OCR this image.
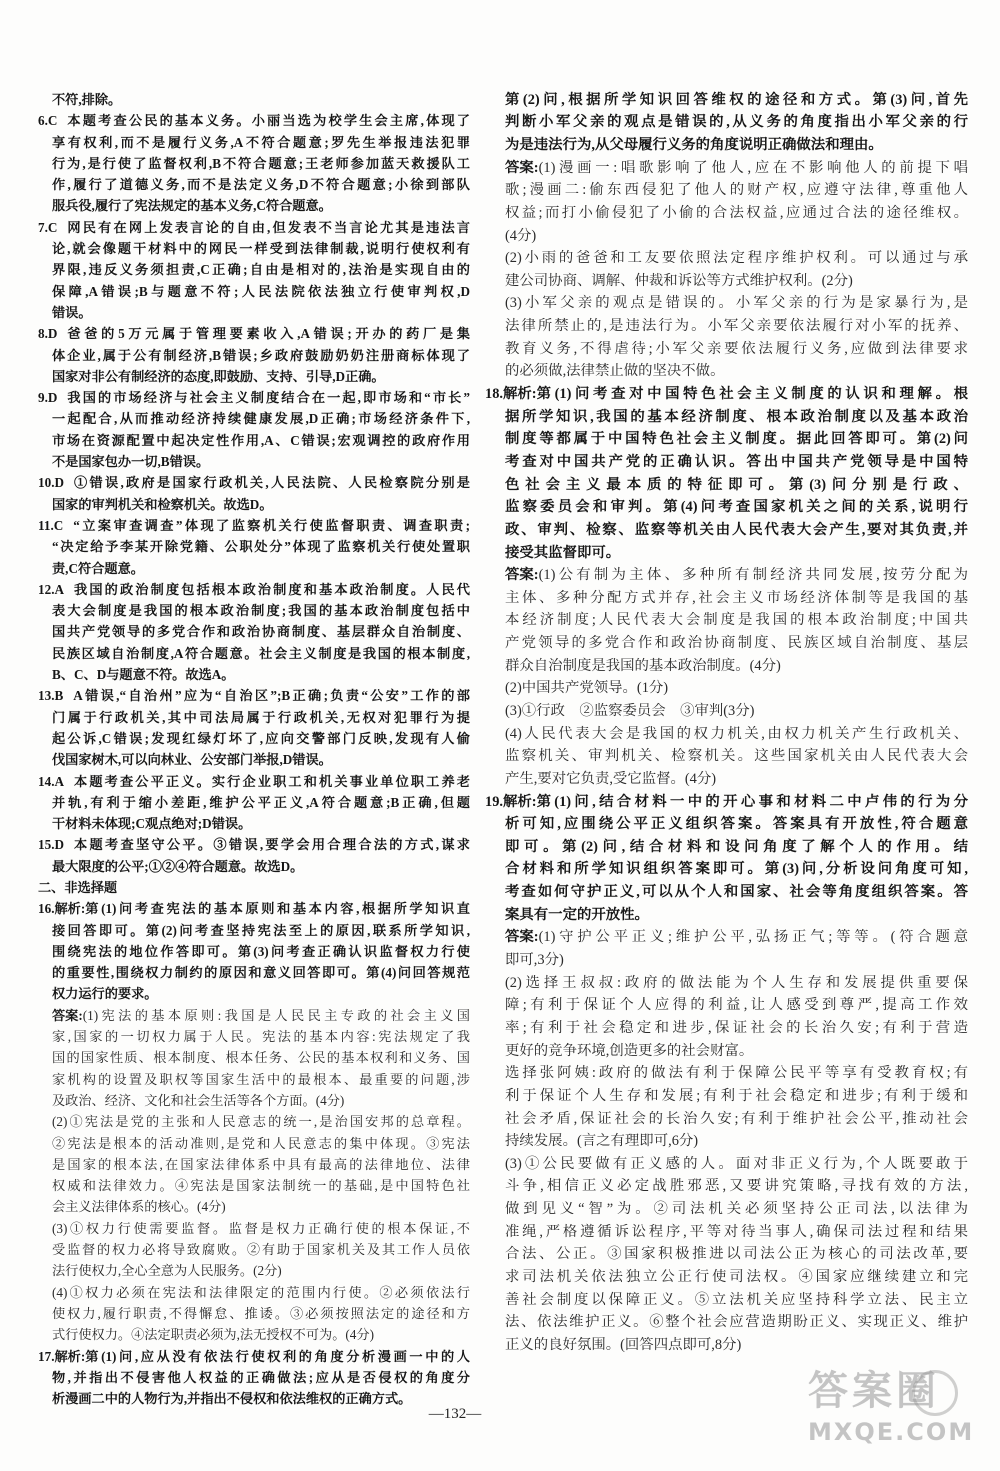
不符,排除。
6.C 本题考查公民的基本义务。小丽当选为校学生会主席,体现了
享有权利,而不是履行义务,A不符合题意;罗先生举报违法犯罪
行为,是行使了监督权利,B不符合题意;王老师参加蓝天救援队工
作,履行了道德义务,而不是法定义务,D不符合题意;小徐到部队
服兵役,履行了宪法规定的基本义务,C符合题意。
7.C 网民有在网上发表言论的自由,但发表不当言论尤其是违法言
论,就会像题干材料中的网民一样受到法律制裁,说明行使权利有
界限,违反义务须担责,C正确;自由是相对的,法治是实现自由的
保障,A错误;B与题意不符;人民法院依法独立行使审判权,D
错误。
8.D 爸爸的5万元属于管理要素收入,A错误;开办的药厂是集
体企业,属于公有制经济,B错误;乡政府鼓励奶奶注册商标体现了
国家对非公有制经济的态度,即鼓励、支持、引导,D正确。
9.D 我国的市场经济与社会主义制度结合在一起,即市场和“市长”
一起配合,从而推动经济持续健康发展,D正确;市场经济条件下,
市场在资源配置中起决定性作用,A、C错误;宏观调控的政府作用
不是国家包办一切,B错误。
10.D ①错误,政府是国家行政机关,人民法院、人民检察院分别是
国家的审判机关和检察机关。故选D。
11.C “立案审查调查”体现了监察机关行使监督职责、调查职责;
“决定给予李某开除党籍、公职处分”体现了监察机关行使处置职
责,C符合题意。
12.A 我国的政治制度包括根本政治制度和基本政治制度。人民代
表大会制度是我国的根本政治制度;我国的基本政治制度包括中
国共产党领导的多党合作和政治协商制度、基层群众自治制度、
民族区域自治制度,A符合题意。社会主义制度是我国的根本制度,
B、C、D与题意不符。故选A。
13.B A错误,“自治州”应为“自治区”;B正确;负责“公安”工作的部
门属于行政机关,其中司法局属于行政机关,无权对犯罪行为提
起公诉,C错误;发现红绿灯坏了,应向交警部门反映,发现有人偷
伐国家树木,可以向林业、公安部门举报,D错误。
14.A 本题考查公平正义。实行企业职工和机关事业单位职工养老
并轨,有利于缩小差距,维护公平正义,A符合题意;B正确,但题
干材料未体现;C观点绝对;D错误。
15.D 本题考查坚守公平。③错误,要学会用合理合法的方式,谋求
最大限度的公平;①②④符合题意。故选D。
二、非选择题
16. 解析: 第(1)问考查宪法的基本原则和基本内容,根据所学知识直
接回答即可。第(2)问考查坚持宪法至上的原因,联系所学知识,
围绕宪法的地位作答即可。第(3)问考查正确认识监督权力行使
的重要性,围绕权力制约的原因和意义回答即可。第(4)问回答规范
权力运行的要求。
答案: (1)宪法的基本原则:我国是人民民主专政的社会主义国
家,国家的一切权力属于人民。宪法的基本内容:宪法规定了我
国的国家性质、根本制度、根本任务、公民的基本权利和义务、国
家机构的设置及职权等国家生活中的最根本、最重要的问题,涉
及政治、经济、文化和社会生活等各个方面。(4分)
(2)①宪法是党的主张和人民意志的统一,是治国安邦的总章程。
②宪法是根本的活动准则,是党和人民意志的集中体现。③宪法
是国家的根本法,在国家法律体系中具有最高的法律地位、法律
权威和法律效力。④宪法是国家法制统一的基础,是中国特色社
会主义法律体系的核心。(4分)
(3)①权力行使需要监督。监督是权力正确行使的根本保证,不
受监督的权力必将导致腐败。②有助于国家机关及其工作人员依
法行使权力,全心全意为人民服务。(2分)
(4)①权力必须在宪法和法律限定的范围内行使。②必须依法行
使权力,履行职责,不得懈怠、推诿。③必须按照法定的途径和方
式行使权力。④法定职责必须为,法无授权不可为。(4分)
17. 解析: 第(1)问,应从没有依法行使权利的角度分析漫画一中的人
物,并指出不侵害他人权益的正确做法;应从是否侵权的角度分
析漫画二中的人物行为,并指出不侵权和依法维权的正确方式。
第(2)问,根据所学知识回答维权的途径和方式。第(3)问,首先
判断小军父亲的观点是错误的,从义务的角度指出小军父亲的行
为是违法行为,从父母履行义务的角度说明正确做法和理由。
答案: (1)漫画一:唱歌影响了他人,应在不影响他人的前提下唱
歌;漫画二:偷东西侵犯了他人的财产权,应遵守法律,尊重他人
权益;而打小偷侵犯了小偷的合法权益,应通过合法的途径维权。
(4分)
(2)小雨的爸爸和工友要依照法定程序维护权利。可以通过与承
建公司协商、调解、仲裁和诉讼等方式维护权利。(2分)
(3)小军父亲的观点是错误的。小军父亲的行为是家暴行为,是
法律所禁止的,是违法行为。小军父亲要依法履行对小军的抚养、
教育义务,不得虐待;小军父亲要依法履行义务,应做到法律要求
的必须做,法律禁止做的坚决不做。
18. 解析: 第(1)问考查对中国特色社会主义制度的认识和理解。根
据所学知识,我国的基本经济制度、根本政治制度以及基本政治
制度等都属于中国特色社会主义制度。据此回答即可。第(2)问
考查对中国共产党的正确认识。答出中国共产党领导是中国特
色社会主义最本质的特征即可。第(3)问分别是行政、
监察委员会和审判。第(4)问考查国家机关之间的关系,说明行
政、审判、检察、监察等机关由人民代表大会产生,要对其负责,并
接受其监督即可。
答案: (1)公有制为主体、多种所有制经济共同发展,按劳分配为
主体、多种分配方式并存,社会主义市场经济体制等是我国的基
本经济制度;人民代表大会制度是我国的根本政治制度;中国共
产党领导的多党合作和政治协商制度、民族区域自治制度、基层
群众自治制度是我国的基本政治制度。(4分)
(2)中国共产党领导。(1分)
(3)①行政　②监察委员会　③审判(3分)
(4)人民代表大会是我国的权力机关,由权力机关产生行政机关、
监察机关、审判机关、检察机关。这些国家机关由人民代表大会
产生,要对它负责,受它监督。(4分)
19. 解析: 第(1)问,结合材料一中的开心事和材料二中卢伟的行为分
析可知,应围绕公平正义组织答案。答案具有开放性,符合题意
即可。第(2)问,结合材料和设问角度了解个人的作用。结
合材料和所学知识组织答案即可。第(3)问,分析设问角度可知,
考查如何守护正义,可以从个人和国家、社会等角度组织答案。答
案具有一定的开放性。
答案: (1)守护公平正义;维护公平,弘扬正气;等等。(符合题意
即可,3分)
(2)选择王叔叔:政府的做法能为个人生存和发展提供重要保
障;有利于保证个人应得的利益,让人感受到尊严,提高工作效
率;有利于社会稳定和进步,保证社会的长治久安;有利于营造
更好的竞争环境,创造更多的社会财富。
选择张阿姨:政府的做法有利于保障公民平等享有受教育权;有
利于保证个人生存和发展;有利于社会稳定和进步;有利于缓和
社会矛盾,保证社会的长治久安;有利于维护社会公平,推动社会
持续发展。(言之有理即可,6分)
(3)①公民要做有正义感的人。面对非正义行为,个人既要敢于
斗争,相信正义必定战胜邪恶,又要讲究策略,寻找有效的方法,
做到见义“智”为。②司法机关必须坚持公正司法,以法律为
准绳,严格遵循诉讼程序,平等对待当事人,确保司法过程和结果
合法、公正。③国家积极推进以司法公正为核心的司法改革,要
求司法机关依法独立公正行使司法权。④国家应继续建立和完
善社会制度以保障正义。⑤立法机关应坚持科学立法、民主立
法、依法维护正义。⑥整个社会应营造期盼正义、实现正义、维护
正义的良好氛围。(回答四点即可,8分)
—132—	答案圈
MXQE.COM
